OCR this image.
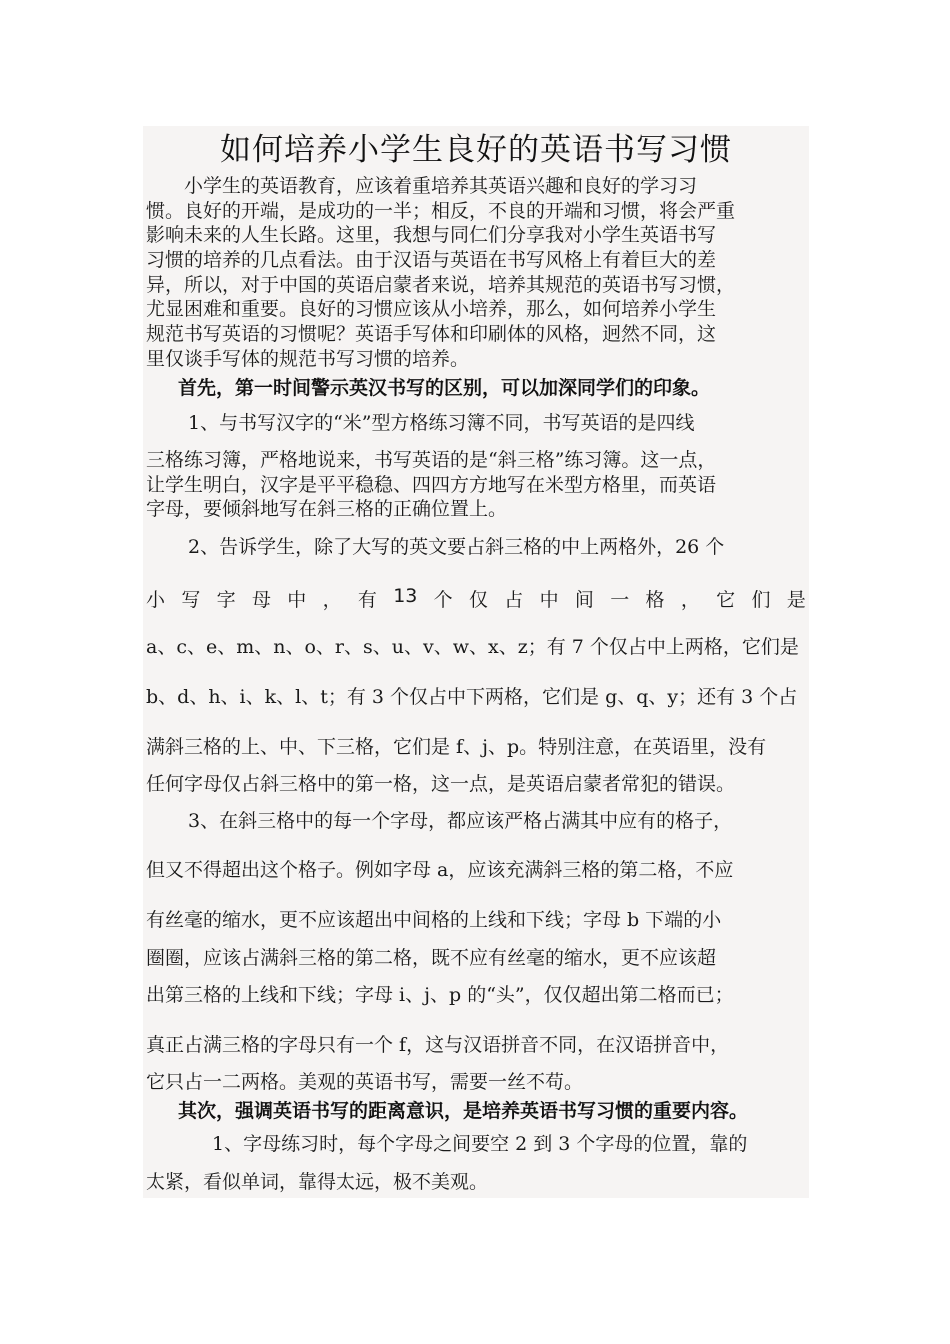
如何培养小学生良好的英语书写习惯
　　小学生的英语教育，应该着重培养其英语兴趣和良好的学习习
惯。良好的开端，是成功的一半；相反，不良的开端和习惯，将会严重
影响未来的人生长路。这里，我想与同仁们分享我对小学生英语书写
习惯的培养的几点看法。由于汉语与英语在书写风格上有着巨大的差
异，所以，对于中国的英语启蒙者来说，培养其规范的英语书写习惯，
尤显困难和重要。良好的习惯应该从小培养，那么，如何培养小学生
规范书写英语的习惯呢？英语手写体和印刷体的风格，迥然不同，这
里仅谈手写体的规范书写习惯的培养。
首先，第一时间警示英汉书写的区别，可以加深同学们的印象。
1、与书写汉字的“米”型方格练习簿不同，书写英语的是四线
三格练习簿，严格地说来，书写英语的是“斜三格”练习簿。这一点，
让学生明白，汉字是平平稳稳、四四方方地写在米型方格里，而英语
字母，要倾斜地写在斜三格的正确位置上。
2、告诉学生，除了大写的英文要占斜三格的中上两格外，26 个
小 写 字 母 中 ， 有 13 个 仅 占 中 间 一 格 ， 它 们 是
a、c、e、m、n、o、r、s、u、v、w、x、z；有 7 个仅占中上两格，它们是
b、d、h、i、k、l、t；有 3 个仅占中下两格，它们是 g、q、y；还有 3 个占
满斜三格的上、中、下三格，它们是 f、j、p。特别注意，在英语里，没有
任何字母仅占斜三格中的第一格，这一点，是英语启蒙者常犯的错误。
3、在斜三格中的每一个字母，都应该严格占满其中应有的格子，
但又不得超出这个格子。例如字母 a，应该充满斜三格的第二格，不应
有丝毫的缩水，更不应该超出中间格的上线和下线；字母 b 下端的小
圈圈，应该占满斜三格的第二格，既不应有丝毫的缩水，更不应该超
出第三格的上线和下线；字母 i、j、p 的“头”，仅仅超出第二格而已；
真正占满三格的字母只有一个 f，这与汉语拼音不同，在汉语拼音中，
它只占一二两格。美观的英语书写，需要一丝不苟。
其次，强调英语书写的距离意识，是培养英语书写习惯的重要内容。
1、字母练习时，每个字母之间要空 2 到 3 个字母的位置，靠的
太紧，看似单词，靠得太远，极不美观。
